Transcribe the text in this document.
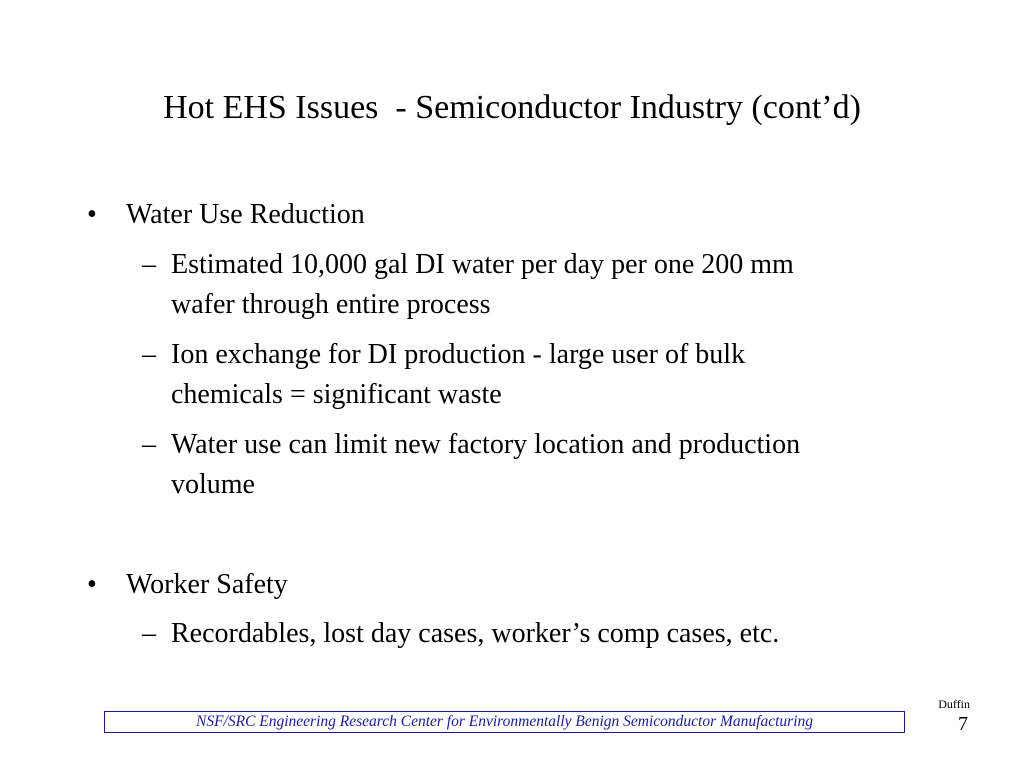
Hot EHS Issues  - Semiconductor Industry (cont’d)
• Water Use Reduction
– Estimated 10,000 gal DI water per day per one 200 mm
wafer through entire process
– Ion exchange for DI production - large user of bulk
chemicals = significant waste
– Water use can limit new factory location and production
volume
• Worker Safety
– Recordables, lost day cases, worker’s comp cases, etc.
NSF/SRC Engineering Research Center for Environmentally Benign Semiconductor Manufacturing
Duffin
7
